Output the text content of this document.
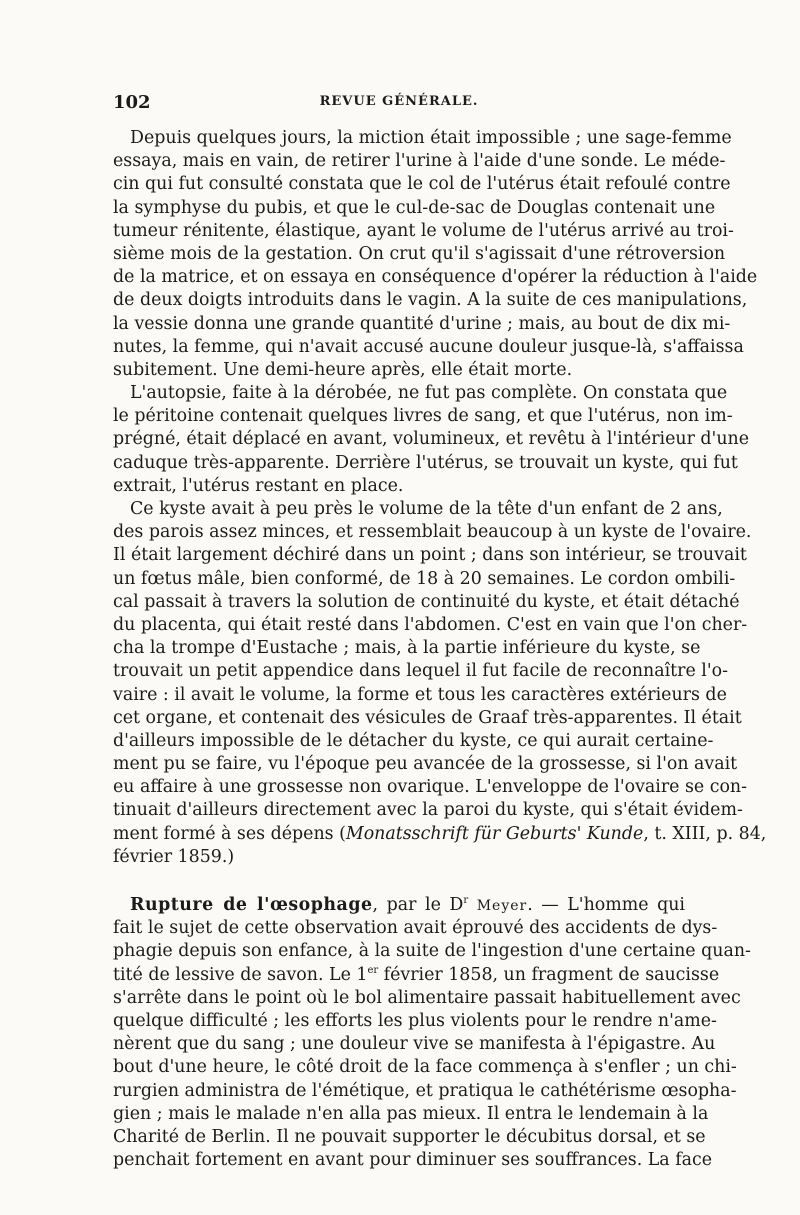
102	REVUE GÉNÉRALE.
Depuis quelques jours, la miction était impossible ; une sage-femme
essaya, mais en vain, de retirer l'urine à l'aide d'une sonde. Le méde-
cin qui fut consulté constata que le col de l'utérus était refoulé contre
la symphyse du pubis, et que le cul-de-sac de Douglas contenait une
tumeur rénitente, élastique, ayant le volume de l'utérus arrivé au troi-
sième mois de la gestation. On crut qu'il s'agissait d'une rétroversion
de la matrice, et on essaya en conséquence d'opérer la réduction à l'aide
de deux doigts introduits dans le vagin. A la suite de ces manipulations,
la vessie donna une grande quantité d'urine ; mais, au bout de dix mi-
nutes, la femme, qui n'avait accusé aucune douleur jusque-là, s'affaissa
subitement. Une demi-heure après, elle était morte.
L'autopsie, faite à la dérobée, ne fut pas complète. On constata que
le péritoine contenait quelques livres de sang, et que l'utérus, non im-
prégné, était déplacé en avant, volumineux, et revêtu à l'intérieur d'une
caduque très-apparente. Derrière l'utérus, se trouvait un kyste, qui fut
extrait, l'utérus restant en place.
Ce kyste avait à peu près le volume de la tête d'un enfant de 2 ans,
des parois assez minces, et ressemblait beaucoup à un kyste de l'ovaire.
Il était largement déchiré dans un point ; dans son intérieur, se trouvait
un fœtus mâle, bien conformé, de 18 à 20 semaines. Le cordon ombili-
cal passait à travers la solution de continuité du kyste, et était détaché
du placenta, qui était resté dans l'abdomen. C'est en vain que l'on cher-
cha la trompe d'Eustache ; mais, à la partie inférieure du kyste, se
trouvait un petit appendice dans lequel il fut facile de reconnaître l'o-
vaire : il avait le volume, la forme et tous les caractères extérieurs de
cet organe, et contenait des vésicules de Graaf très-apparentes. Il était
d'ailleurs impossible de le détacher du kyste, ce qui aurait certaine-
ment pu se faire, vu l'époque peu avancée de la grossesse, si l'on avait
eu affaire à une grossesse non ovarique. L'enveloppe de l'ovaire se con-
tinuait d'ailleurs directement avec la paroi du kyste, qui s'était évidem-
ment formé à ses dépens (Monatsschrift für Geburts' Kunde, t. XIII, p. 84,
février 1859.)
Rupture de l'œsophage, par le $D^r$ Meyer. — L'homme qui
fait le sujet de cette observation avait éprouvé des accidents de dys-
phagie depuis son enfance, à la suite de l'ingestion d'une certaine quan-
tité de lessive de savon. Le 1er février 1858, un fragment de saucisse
s'arrête dans le point où le bol alimentaire passait habituellement avec
quelque difficulté ; les efforts les plus violents pour le rendre n'ame-
nèrent que du sang ; une douleur vive se manifesta à l'épigastre. Au
bout d'une heure, le côté droit de la face commença à s'enfler ; un chi-
rurgien administra de l'émétique, et pratiqua le cathétérisme œsopha-
gien ; mais le malade n'en alla pas mieux. Il entra le lendemain à la
Charité de Berlin. Il ne pouvait supporter le décubitus dorsal, et se
penchait fortement en avant pour diminuer ses souffrances. La face
